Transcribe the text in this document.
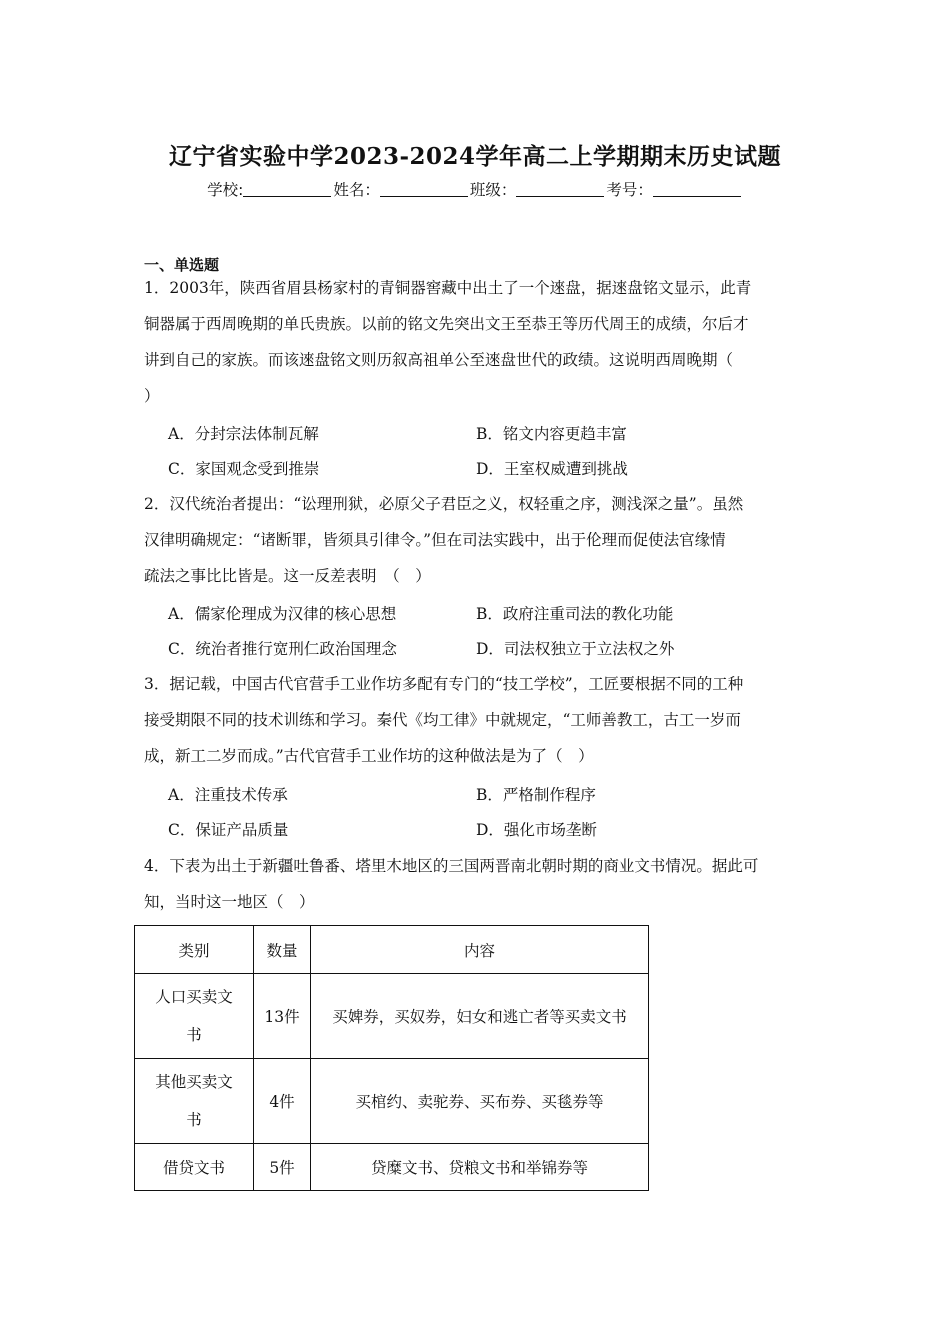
辽宁省实验中学2023-2024学年高二上学期期末历史试题
学校:	姓名：	班级：	考号：
一、单选题
1．2003年，陕西省眉县杨家村的青铜器窖藏中出土了一个逨盘，据逨盘铭文显示，此青
铜器属于西周晚期的单氏贵族。以前的铭文先突出文王至恭王等历代周王的成绩，尔后才
讲到自己的家族。而该逨盘铭文则历叙高祖单公至逨盘世代的政绩。这说明西周晚期（
）
A．分封宗法体制瓦解	B．铭文内容更趋丰富
C．家国观念受到推崇	D．王室权威遭到挑战
2．汉代统治者提出：“讼理刑狱，必原父子君臣之义，权轻重之序，测浅深之量”。虽然
汉律明确规定：“诸断罪，皆须具引律令。”但在司法实践中，出于伦理而促使法官缘情
疏法之事比比皆是。这一反差表明　（　）
A．儒家伦理成为汉律的核心思想	B．政府注重司法的教化功能
C．统治者推行宽刑仁政治国理念	D．司法权独立于立法权之外
3．据记载，中国古代官营手工业作坊多配有专门的“技工学校”，工匠要根据不同的工种
接受期限不同的技术训练和学习。秦代《均工律》中就规定，“工师善教工，古工一岁而
成，新工二岁而成。”古代官营手工业作坊的这种做法是为了（　）
A．注重技术传承	B．严格制作程序
C．保证产品质量	D．强化市场垄断
4．下表为出土于新疆吐鲁番、塔里木地区的三国两晋南北朝时期的商业文书情况。据此可
知，当时这一地区（　）
类别	数量	内容

人口买卖文
书	13件	买婢券，买奴券，妇女和逃亡者等买卖文书

其他买卖文
书	4件	买棺约、卖驼券、买布券、买毯券等
借贷文书	5件	贷糜文书、贷粮文书和举锦券等
